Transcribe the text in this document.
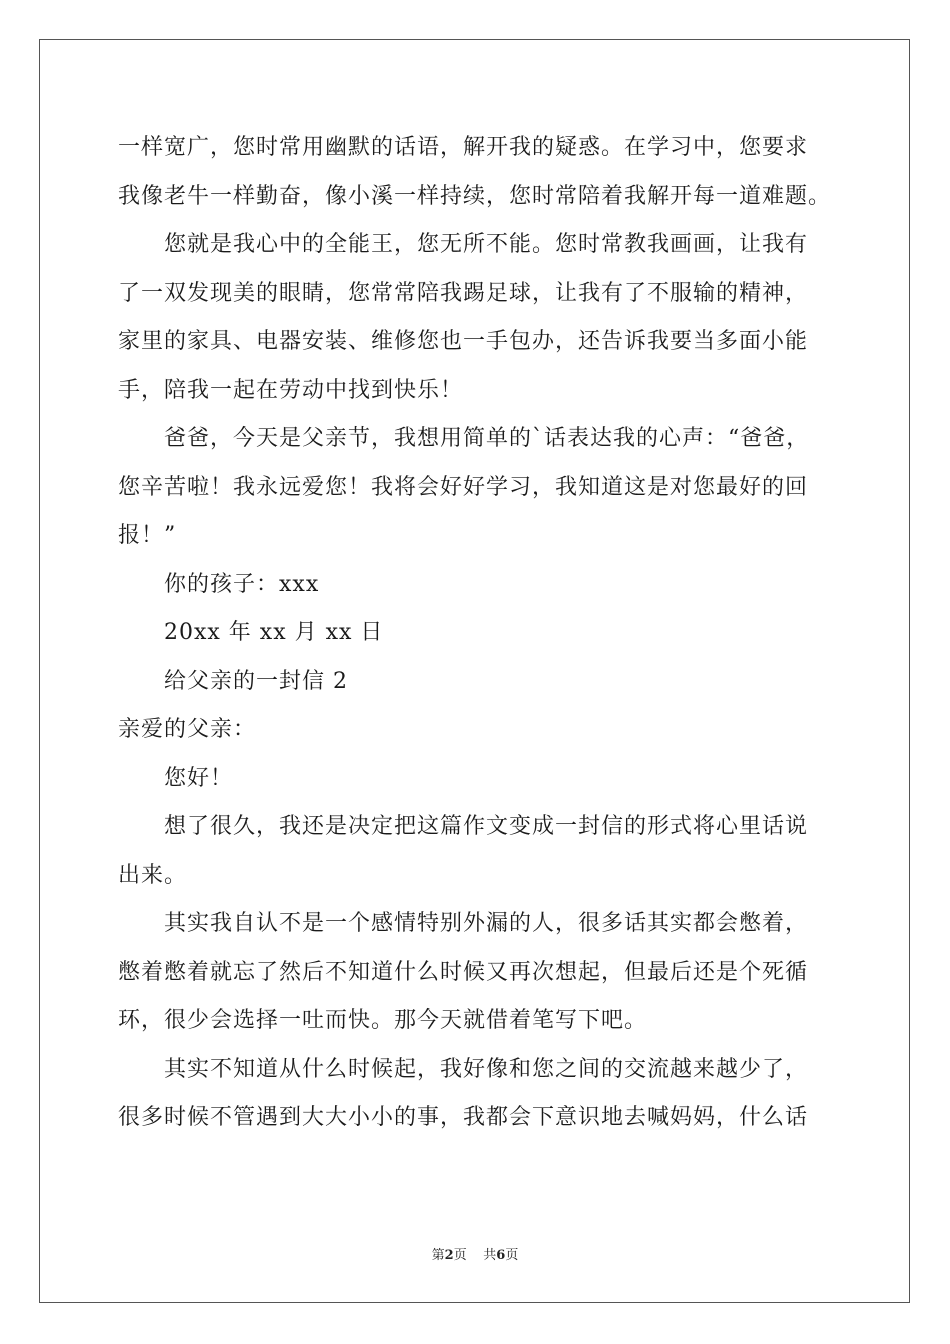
一样宽广，您时常用幽默的话语，解开我的疑惑。在学习中，您要求
我像老牛一样勤奋，像小溪一样持续，您时常陪着我解开每一道难题。
您就是我心中的全能王，您无所不能。您时常教我画画，让我有
了一双发现美的眼睛，您常常陪我踢足球，让我有了不服输的精神，
家里的家具、电器安装、维修您也一手包办，还告诉我要当多面小能
手，陪我一起在劳动中找到快乐！
爸爸，今天是父亲节，我想用简单的`话表达我的心声：“爸爸，
您辛苦啦！我永远爱您！我将会好好学习，我知道这是对您最好的回
报！”
你的孩子：xxx
20xx 年 xx 月 xx 日
给父亲的一封信 2
亲爱的父亲：
您好！
想了很久，我还是决定把这篇作文变成一封信的形式将心里话说
出来。
其实我自认不是一个感情特别外漏的人，很多话其实都会憋着，
憋着憋着就忘了然后不知道什么时候又再次想起，但最后还是个死循
环，很少会选择一吐而快。那今天就借着笔写下吧。
其实不知道从什么时候起，我好像和您之间的交流越来越少了，
很多时候不管遇到大大小小的事，我都会下意识地去喊妈妈，什么话
第2页 共6页
